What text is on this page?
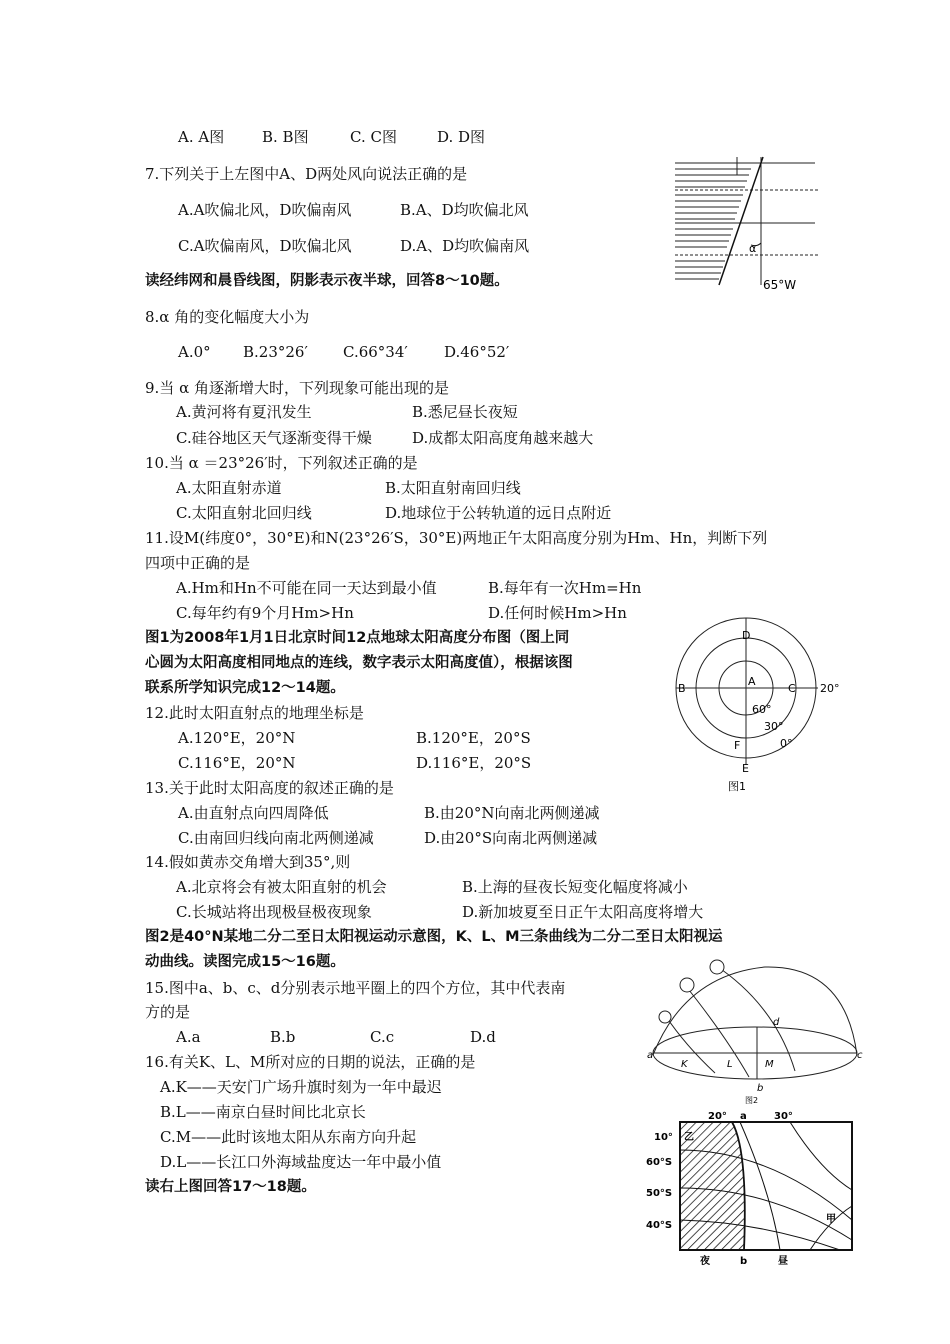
A. A图	B. B图	C. C图	D. D图
7.下列关于上左图中A、D两处风向说法正确的是
A.A吹偏北风，D吹偏南风	B.A、D均吹偏北风
C.A吹偏南风，D吹偏北风	D.A、D均吹偏南风
读经纬网和晨昏线图，阴影表示夜半球，回答8～10题。
α
65°W
8.α 角的变化幅度大小为
A.0° B.23°26′ C.66°34′ D.46°52′
9.当 α 角逐渐增大时，下列现象可能出现的是
A.黄河将有夏汛发生	B.悉尼昼长夜短
C.硅谷地区天气逐渐变得干燥	D.成都太阳高度角越来越大
10.当 α ＝23°26′时，下列叙述正确的是
A.太阳直射赤道	B.太阳直射南回归线
C.太阳直射北回归线	D.地球位于公转轨道的远日点附近
11.设M(纬度0°，30°E)和N(23°26′S，30°E)两地正午太阳高度分别为Hm、Hn，判断下列
四项中正确的是
A.Hm和Hn不可能在同一天达到最小值	B.每年有一次Hm=Hn
C.每年约有9个月Hm>Hn	D.任何时候Hm>Hn
图1为2008年1月1日北京时间12点地球太阳高度分布图（图上同
心圆为太阳高度相同地点的连线，数字表示太阳高度值），根据该图
联系所学知识完成12～14题。	A
B	C
D
E
F
60°
30°
0°
20°
图1
12.此时太阳直射点的地理坐标是
A.120°E，20°N	B.120°E，20°S
C.116°E，20°N	D.116°E，20°S
13.关于此时太阳高度的叙述正确的是
A.由直射点向四周降低	B.由20°N向南北两侧递减
C.由南回归线向南北两侧递减	D.由20°S向南北两侧递减
14.假如黄赤交角增大到35°,则
A.北京将会有被太阳直射的机会	B.上海的昼夜长短变化幅度将减小
C.长城站将出现极昼极夜现象	D.新加坡夏至日正午太阳高度将增大
图2是40°N某地二分二至日太阳视运动示意图，K、L、M三条曲线为二分二至日太阳视运
动曲线。读图完成15～16题。
15.图中a、b、c、d分别表示地平圈上的四个方位，其中代表南
方的是
A.a	B.b	C.c	D.d
a
b
c
d
K	L	M
图2
16.有关K、L、M所对应的日期的说法，正确的是
A.K——天安门广场升旗时刻为一年中最迟
B.L——南京白昼时间比北京长
C.M——此时该地太阳从东南方向升起
D.L——长江口外海域盐度达一年中最小值
读右上图回答17～18题。
20° a	30°
10°
60°S
50°S
40°S
乙
甲
夜	b	昼
